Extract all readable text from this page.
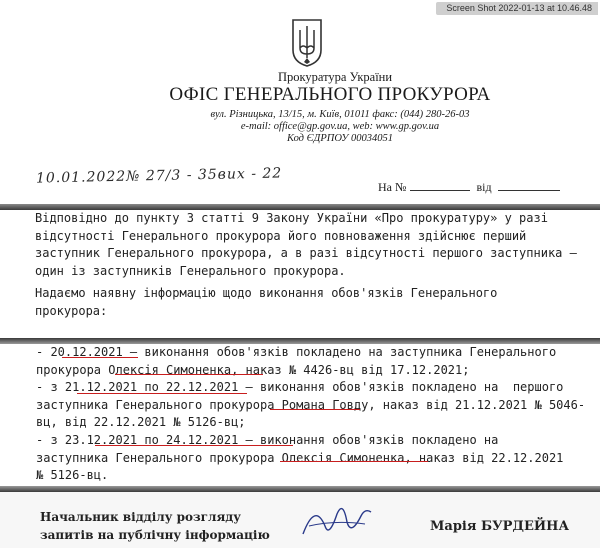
Screen Shot 2022-01-13 at 10.46.48
Прокуратура України
ОФІС ГЕНЕРАЛЬНОГО ПРОКУРОРА
вул. Різницька, 13/15, м. Київ, 01011 факс: (044) 280-26-03
e-mail: office@gp.gov.ua, web: www.gp.gov.ua
Код ЄДРПОУ 00034051
10.01.2022№ 27/3 - 35вих - 22
На №	від
Відповідно до пункту 3 статті 9 Закону України «Про прокуратуру» у разі
відсутності Генерального прокурора його повноваження здійснює перший
заступник Генерального прокурора, а в разі відсутності першого заступника –
один із заступників Генерального прокурора.
Надаємо наявну інформацію щодо виконання обов'язків Генерального
прокурора:
- 20.12.2021 – виконання обов'язків покладено на заступника Генерального
прокурора Олексія Симоненка, наказ № 4426-вц від 17.12.2021;
- з 21.12.2021 по 22.12.2021 – виконання обов'язків покладено на  першого
заступника Генерального прокурора Романа Говду, наказ від 21.12.2021 № 5046-
вц, від 22.12.2021 № 5126-вц;
- з 23.12.2021 по 24.12.2021 – виконання обов'язків покладено на
заступника Генерального прокурора Олексія Симоненка, наказ від 22.12.2021
№ 5126-вц.
Начальник відділу розгляду
запитів на публічну інформацію
Марія БУРДЕЙНА
